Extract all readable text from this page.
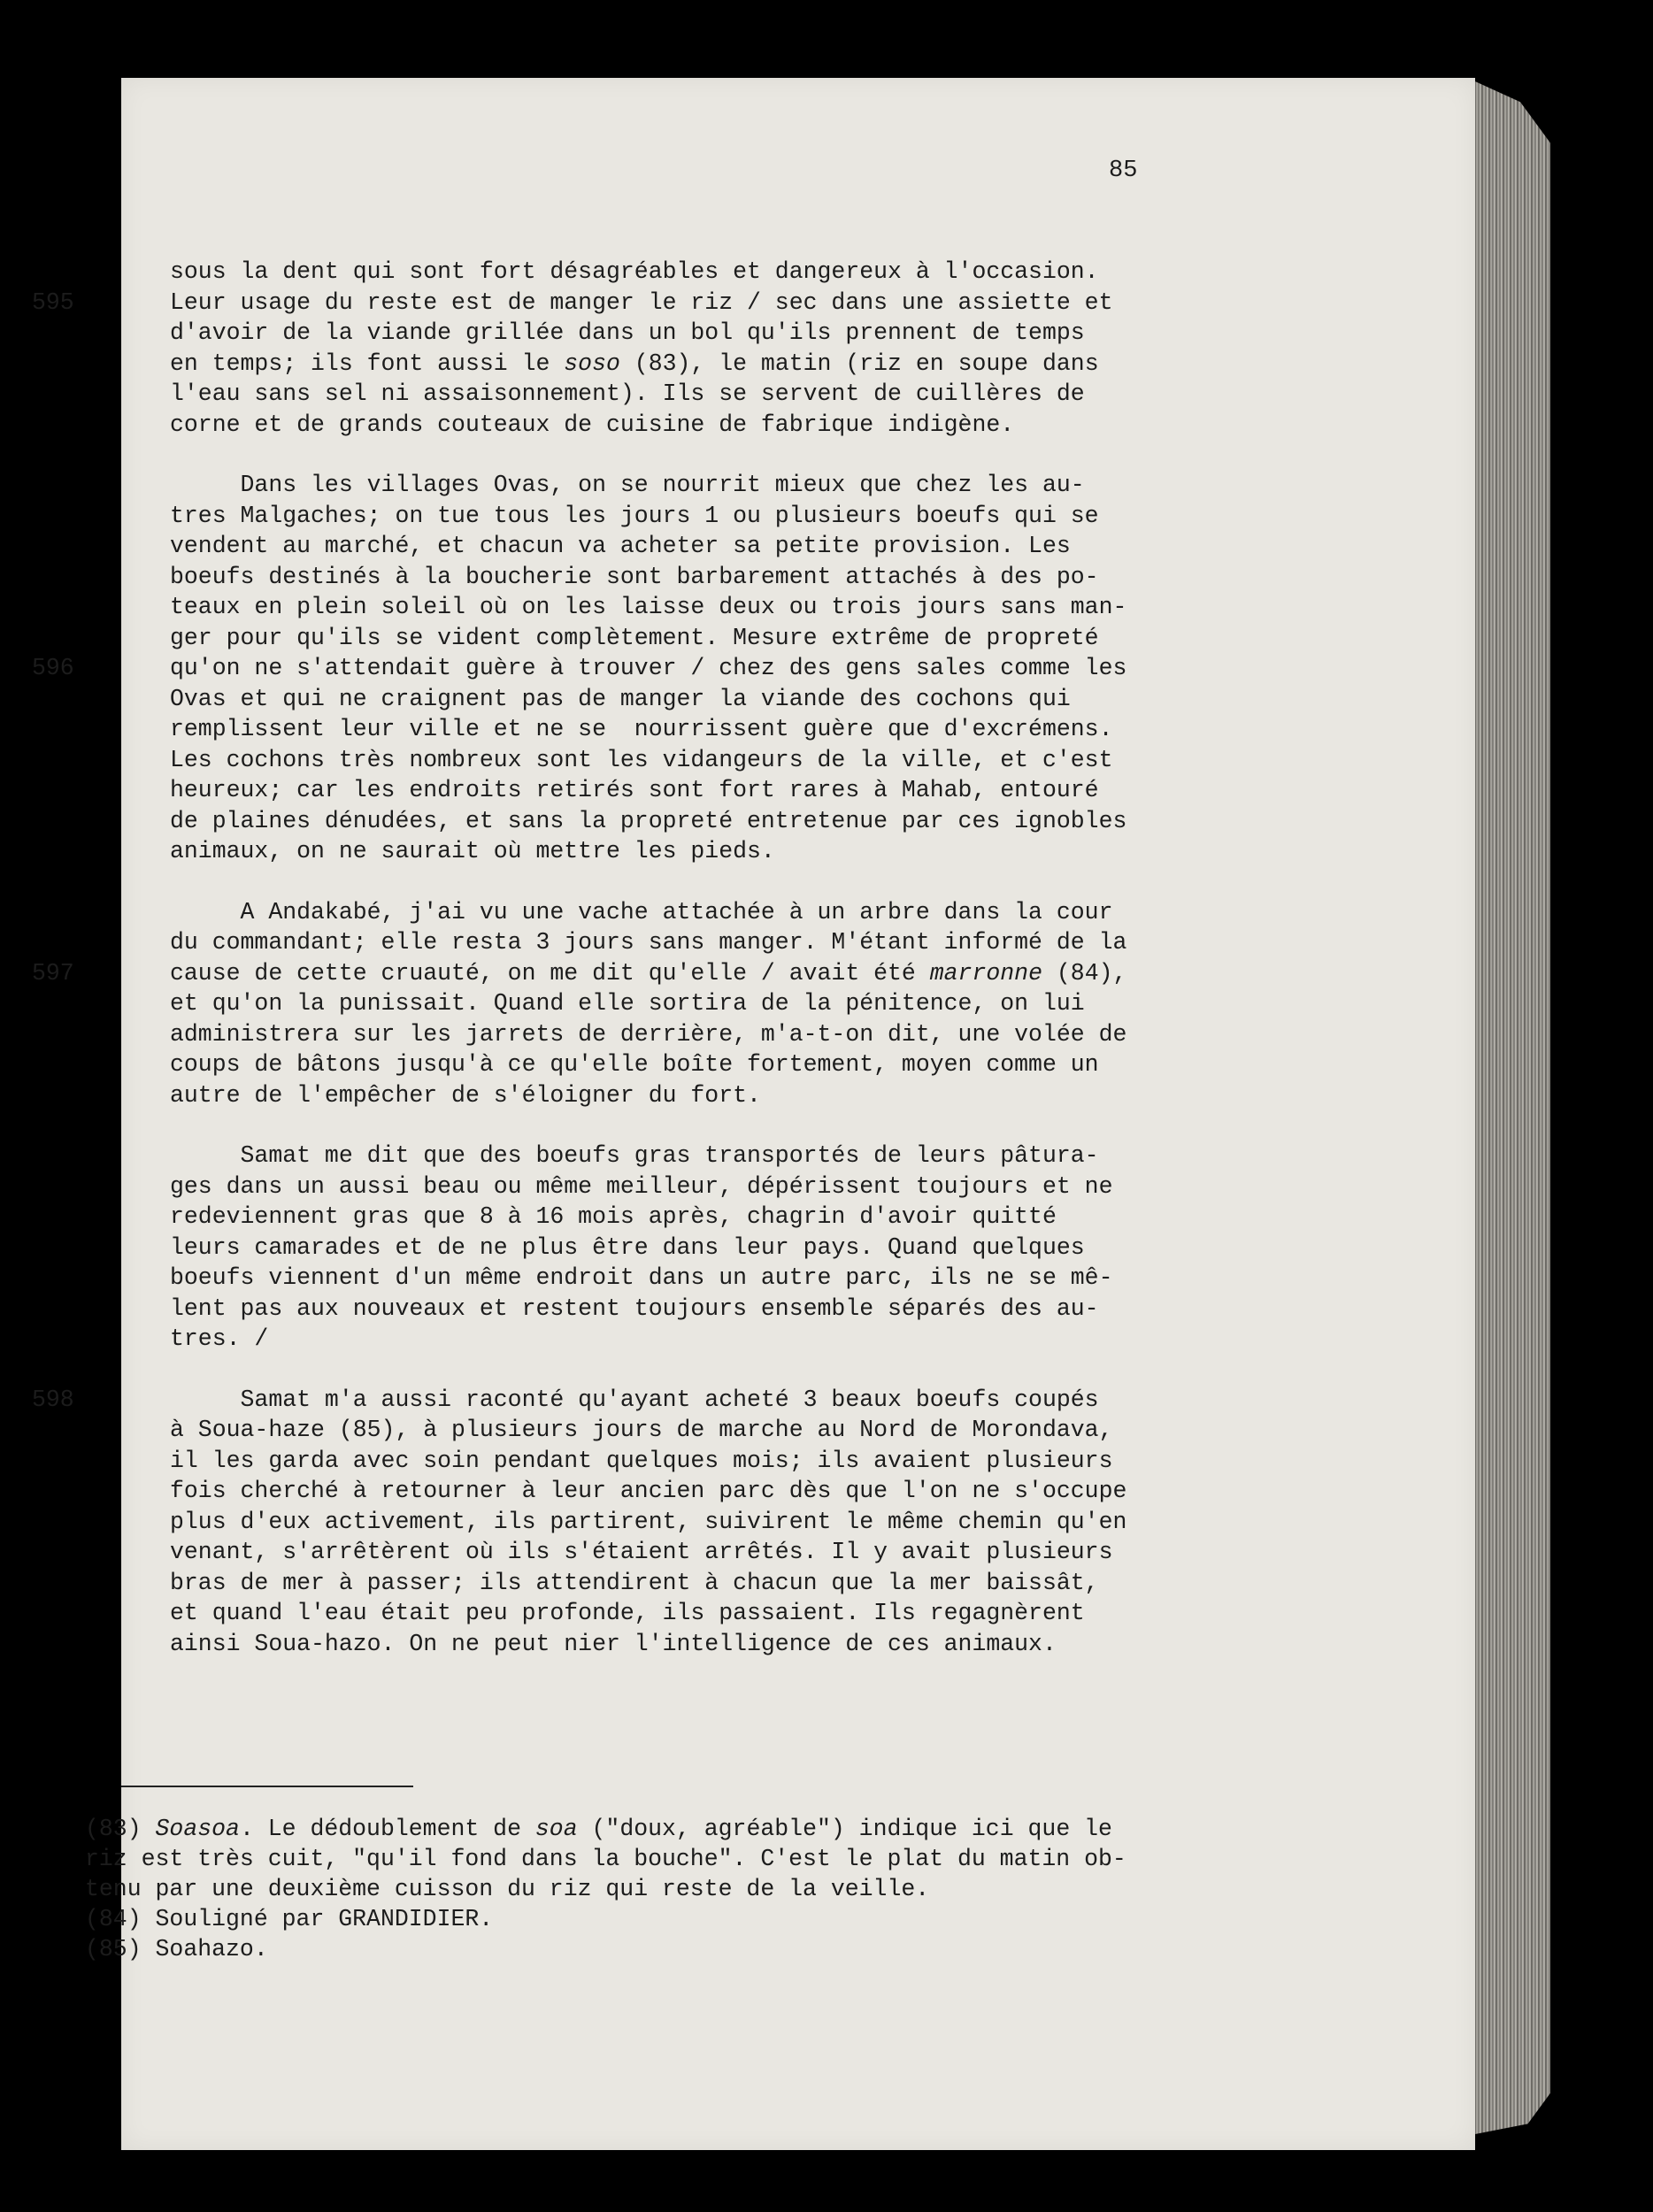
85
sous la dent qui sont fort désagréables et dangereux à l'occasion.
595	Leur usage du reste est de manger le riz / sec dans une assiette et
d'avoir de la viande grillée dans un bol qu'ils prennent de temps
en temps; ils font aussi le soso (83), le matin (riz en soupe dans
l'eau sans sel ni assaisonnement). Ils se servent de cuillères de
corne et de grands couteaux de cuisine de fabrique indigène.
Dans les villages Ovas, on se nourrit mieux que chez les au-
tres Malgaches; on tue tous les jours 1 ou plusieurs boeufs qui se
vendent au marché, et chacun va acheter sa petite provision. Les
boeufs destinés à la boucherie sont barbarement attachés à des po-
teaux en plein soleil où on les laisse deux ou trois jours sans man-
ger pour qu'ils se vident complètement. Mesure extrême de propreté
596	qu'on ne s'attendait guère à trouver / chez des gens sales comme les
Ovas et qui ne craignent pas de manger la viande des cochons qui
remplissent leur ville et ne se  nourrissent guère que d'excrémens.
Les cochons très nombreux sont les vidangeurs de la ville, et c'est
heureux; car les endroits retirés sont fort rares à Mahab, entouré
de plaines dénudées, et sans la propreté entretenue par ces ignobles
animaux, on ne saurait où mettre les pieds.
A Andakabé, j'ai vu une vache attachée à un arbre dans la cour
du commandant; elle resta 3 jours sans manger. M'étant informé de la
597	cause de cette cruauté, on me dit qu'elle / avait été marronne (84),
et qu'on la punissait. Quand elle sortira de la pénitence, on lui
administrera sur les jarrets de derrière, m'a-t-on dit, une volée de
coups de bâtons jusqu'à ce qu'elle boîte fortement, moyen comme un
autre de l'empêcher de s'éloigner du fort.
Samat me dit que des boeufs gras transportés de leurs pâtura-
ges dans un aussi beau ou même meilleur, dépérissent toujours et ne
redeviennent gras que 8 à 16 mois après, chagrin d'avoir quitté
leurs camarades et de ne plus être dans leur pays. Quand quelques
boeufs viennent d'un même endroit dans un autre parc, ils ne se mê-
lent pas aux nouveaux et restent toujours ensemble séparés des au-
tres. /
598	Samat m'a aussi raconté qu'ayant acheté 3 beaux boeufs coupés
à Soua-haze (85), à plusieurs jours de marche au Nord de Morondava,
il les garda avec soin pendant quelques mois; ils avaient plusieurs
fois cherché à retourner à leur ancien parc dès que l'on ne s'occupe
plus d'eux activement, ils partirent, suivirent le même chemin qu'en
venant, s'arrêtèrent où ils s'étaient arrêtés. Il y avait plusieurs
bras de mer à passer; ils attendirent à chacun que la mer baissât,
et quand l'eau était peu profonde, ils passaient. Ils regagnèrent
ainsi Soua-hazo. On ne peut nier l'intelligence de ces animaux.
(83) Soasoa. Le dédoublement de soa ("doux, agréable") indique ici que le
riz est très cuit, "qu'il fond dans la bouche". C'est le plat du matin ob-
tenu par une deuxième cuisson du riz qui reste de la veille.
(84) Souligné par GRANDIDIER.
(85) Soahazo.
